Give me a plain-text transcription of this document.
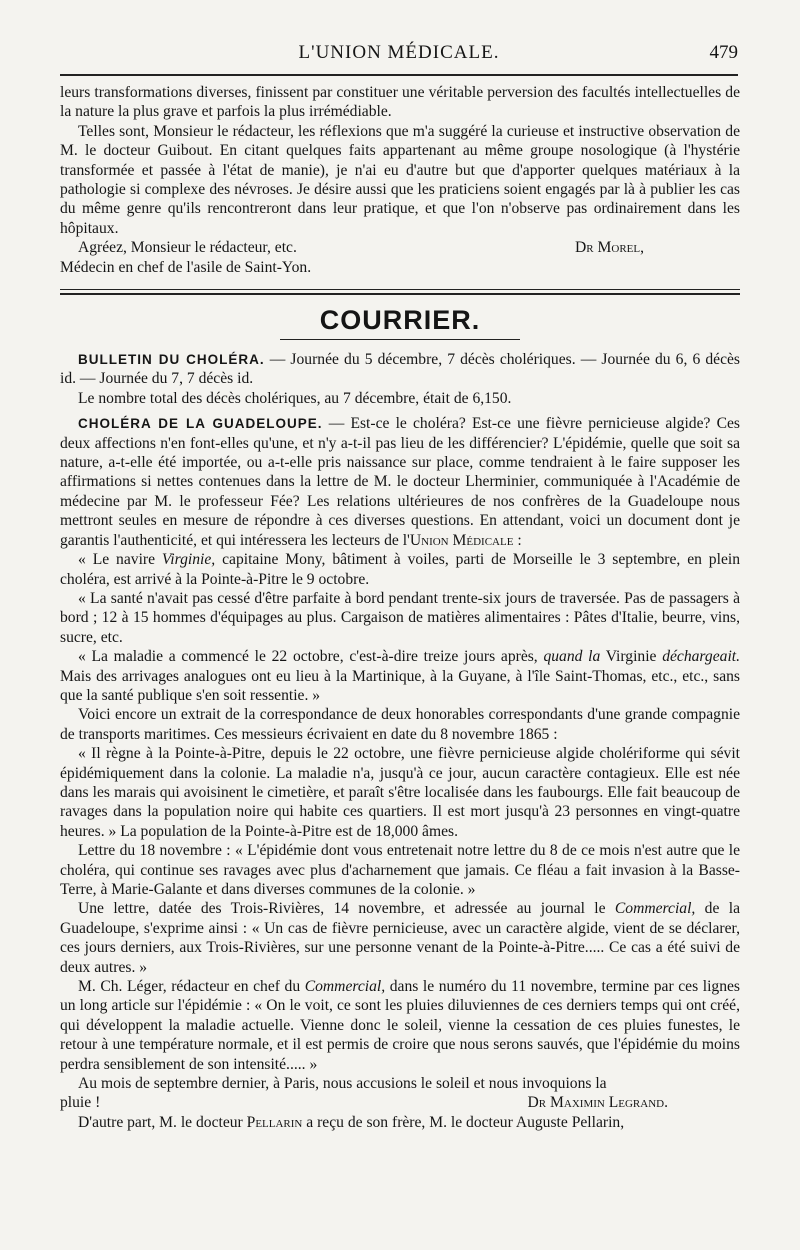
L'UNION MÉDICALE.	479

leurs transformations diverses, finissent par constituer une véritable perversion des facultés intellectuelles de la nature la plus grave et parfois la plus irrémédiable.

Telles sont, Monsieur le rédacteur, les réflexions que m'a suggéré la curieuse et instructive observation de M. le docteur Guibout. En citant quelques faits appartenant au même groupe nosologique (à l'hystérie transformée et passée à l'état de manie), je n'ai eu d'autre but que d'apporter quelques matériaux à la pathologie si complexe des névroses. Je désire aussi que les praticiens soient engagés par là à publier les cas du même genre qu'ils rencontreront dans leur pratique, et que l'on n'observe pas ordinairement dans les hôpitaux.

Agréez, Monsieur le rédacteur, etc.	Dr Morel,

Médecin en chef de l'asile de Saint-Yon.

COURRIER.

BULLETIN DU CHOLÉRA. — Journée du 5 décembre, 7 décès cholériques. — Journée du 6, 6 décès id. — Journée du 7, 7 décès id.

Le nombre total des décès cholériques, au 7 décembre, était de 6,150.

CHOLÉRA DE LA GUADELOUPE. — Est-ce le choléra? Est-ce une fièvre pernicieuse algide? Ces deux affections n'en font-elles qu'une, et n'y a-t-il pas lieu de les différencier? L'épidémie, quelle que soit sa nature, a-t-elle été importée, ou a-t-elle pris naissance sur place, comme tendraient à le faire supposer les affirmations si nettes contenues dans la lettre de M. le docteur Lherminier, communiquée à l'Académie de médecine par M. le professeur Fée? Les relations ultérieures de nos confrères de la Guadeloupe nous mettront seules en mesure de répondre à ces diverses questions. En attendant, voici un document dont je garantis l'authenticité, et qui intéressera les lecteurs de l'Union Médicale :

« Le navire Virginie, capitaine Mony, bâtiment à voiles, parti de Morseille le 3 septembre, en plein choléra, est arrivé à la Pointe-à-Pitre le 9 octobre.

« La santé n'avait pas cessé d'être parfaite à bord pendant trente-six jours de traversée. Pas de passagers à bord ; 12 à 15 hommes d'équipages au plus. Cargaison de matières alimentaires : Pâtes d'Italie, beurre, vins, sucre, etc.

« La maladie a commencé le 22 octobre, c'est-à-dire treize jours après, quand la Virginie déchargeait. Mais des arrivages analogues ont eu lieu à la Martinique, à la Guyane, à l'île Saint-Thomas, etc., etc., sans que la santé publique s'en soit ressentie. »

Voici encore un extrait de la correspondance de deux honorables correspondants d'une grande compagnie de transports maritimes. Ces messieurs écrivaient en date du 8 novembre 1865 :

« Il règne à la Pointe-à-Pitre, depuis le 22 octobre, une fièvre pernicieuse algide cholériforme qui sévit épidémiquement dans la colonie. La maladie n'a, jusqu'à ce jour, aucun caractère contagieux. Elle est née dans les marais qui avoisinent le cimetière, et paraît s'être localisée dans les faubourgs. Elle fait beaucoup de ravages dans la population noire qui habite ces quartiers. Il est mort jusqu'à 23 personnes en vingt-quatre heures. » La population de la Pointe-à-Pitre est de 18,000 âmes.

Lettre du 18 novembre : « L'épidémie dont vous entretenait notre lettre du 8 de ce mois n'est autre que le choléra, qui continue ses ravages avec plus d'acharnement que jamais. Ce fléau a fait invasion à la Basse-Terre, à Marie-Galante et dans diverses communes de la colonie. »

Une lettre, datée des Trois-Rivières, 14 novembre, et adressée au journal le Commercial, de la Guadeloupe, s'exprime ainsi : « Un cas de fièvre pernicieuse, avec un caractère algide, vient de se déclarer, ces jours derniers, aux Trois-Rivières, sur une personne venant de la Pointe-à-Pitre..... Ce cas a été suivi de deux autres. »

M. Ch. Léger, rédacteur en chef du Commercial, dans le numéro du 11 novembre, termine par ces lignes un long article sur l'épidémie : « On le voit, ce sont les pluies diluviennes de ces derniers temps qui ont créé, qui développent la maladie actuelle. Vienne donc le soleil, vienne la cessation de ces pluies funestes, le retour à une température normale, et il est permis de croire que nous serons sauvés, que l'épidémie du moins perdra sensiblement de son intensité..... »

Au mois de septembre dernier, à Paris, nous accusions le soleil et nous invoquions la

pluie !	Dr Maximin Legrand.

D'autre part, M. le docteur Pellarin a reçu de son frère, M. le docteur Auguste Pellarin,
